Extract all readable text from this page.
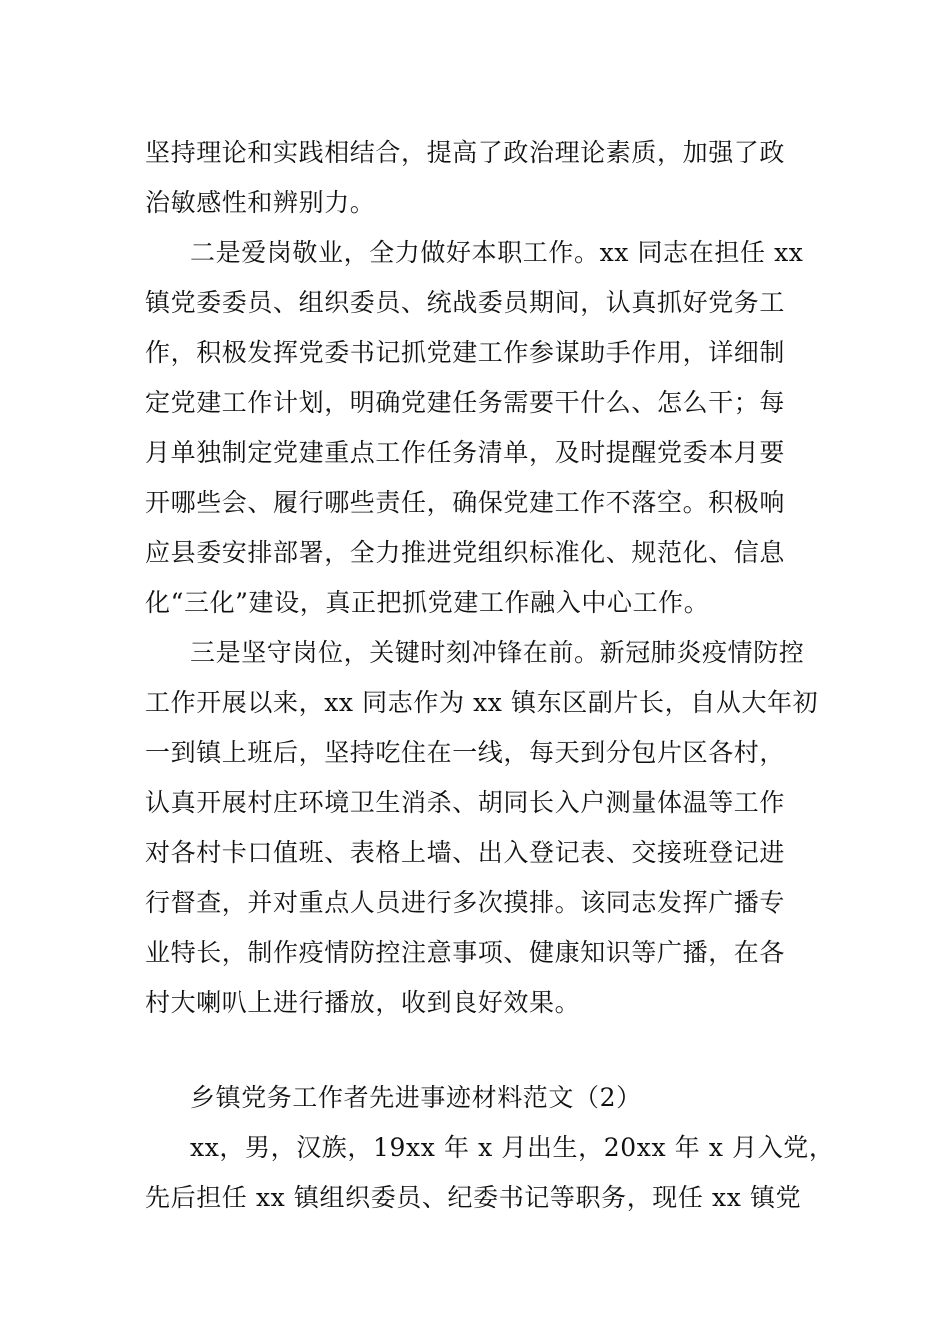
坚持理论和实践相结合，提高了政治理论素质，加强了政
治敏感性和辨别力。
二是爱岗敬业，全力做好本职工作。xx 同志在担任 xx
镇党委委员、组织委员、统战委员期间，认真抓好党务工
作，积极发挥党委书记抓党建工作参谋助手作用，详细制
定党建工作计划，明确党建任务需要干什么、怎么干；每
月单独制定党建重点工作任务清单，及时提醒党委本月要
开哪些会、履行哪些责任，确保党建工作不落空。积极响
应县委安排部署，全力推进党组织标准化、规范化、信息
化“三化”建设，真正把抓党建工作融入中心工作。
三是坚守岗位，关键时刻冲锋在前。新冠肺炎疫情防控
工作开展以来，xx 同志作为 xx 镇东区副片长，自从大年初
一到镇上班后，坚持吃住在一线，每天到分包片区各村，
认真开展村庄环境卫生消杀、胡同长入户测量体温等工作
对各村卡口值班、表格上墙、出入登记表、交接班登记进
行督查，并对重点人员进行多次摸排。该同志发挥广播专
业特长，制作疫情防控注意事项、健康知识等广播，在各
村大喇叭上进行播放，收到良好效果。
乡镇党务工作者先进事迹材料范文（2）
xx，男，汉族，19xx 年 x 月出生，20xx 年 x 月入党，
先后担任 xx 镇组织委员、纪委书记等职务，现任 xx 镇党
